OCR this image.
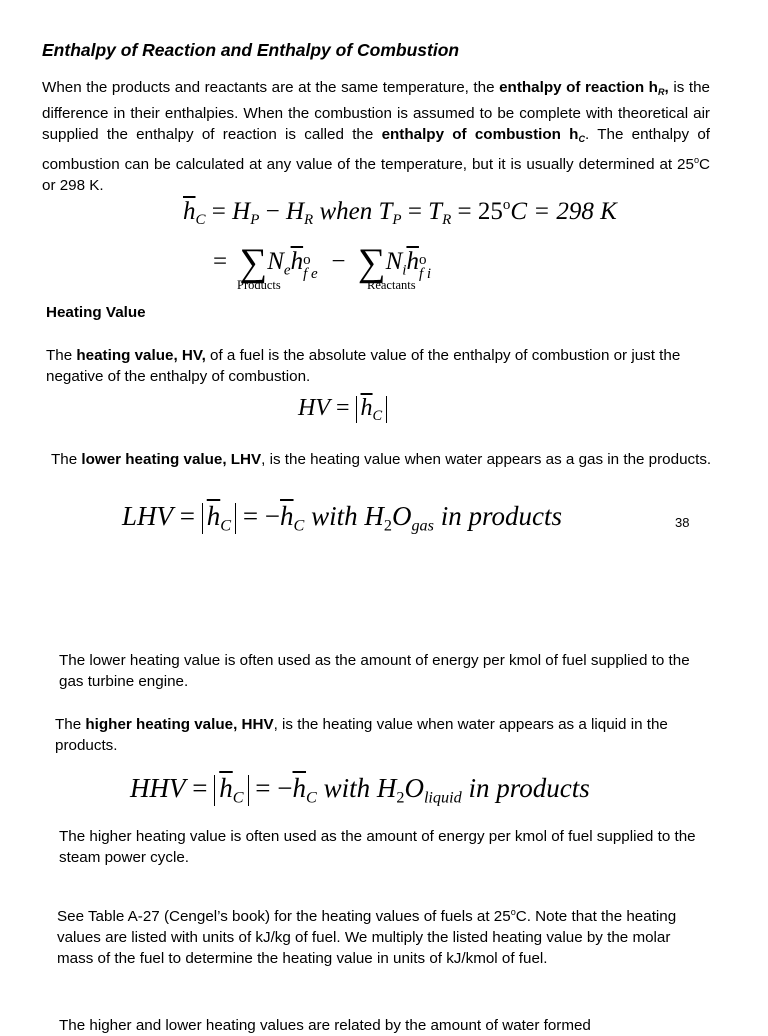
Enthalpy of Reaction and Enthalpy of Combustion
When the products and reactants are at the same temperature, the enthalpy of reaction $h_R$, is the difference in their enthalpies. When the combustion is assumed to be complete with theoretical air supplied the enthalpy of reaction is called the enthalpy of combustion $h_C$. The enthalpy of combustion can be calculated at any value of the temperature, but it is usually determined at 25$^o$C or 298 K.
$\overline{h}_C = H_P - H_R$ when $T_P = T_R = 25^oC = 298$ K
= $\sum N_e\overline{h}$ o
f $e - \sum N_i\overline{h}$ o
f i
Products	Reactants
Heating Value
The heating value, HV, of a fuel is the absolute value of the enthalpy of combustion or just the negative of the enthalpy of combustion.
HV = $\overline{h}_C$
The lower heating value, LHV, is the heating value when water appears as a gas in the products.
LHV = $\overline{h}_C = -\overline{h}_C$ with $H_2O_{gas}$ in products	38
The lower heating value is often used as the amount of energy per kmol of fuel supplied to the gas turbine engine.
The higher heating value, HHV, is the heating value when water appears as a liquid in the products.
HHV = $\overline{h}_C = -\overline{h}_C$ with $H_2O_{liquid}$ in products
The higher heating value is often used as the amount of energy per kmol of fuel supplied to the steam power cycle.
See Table A-27 (Cengel’s book) for the heating values of fuels at 25$^o$C. Note that the heating values are listed with units of kJ/kg of fuel. We multiply the listed heating value by the molar mass of the fuel to determine the heating value in units of kJ/kmol of fuel.
The higher and lower heating values are related by the amount of water formed
